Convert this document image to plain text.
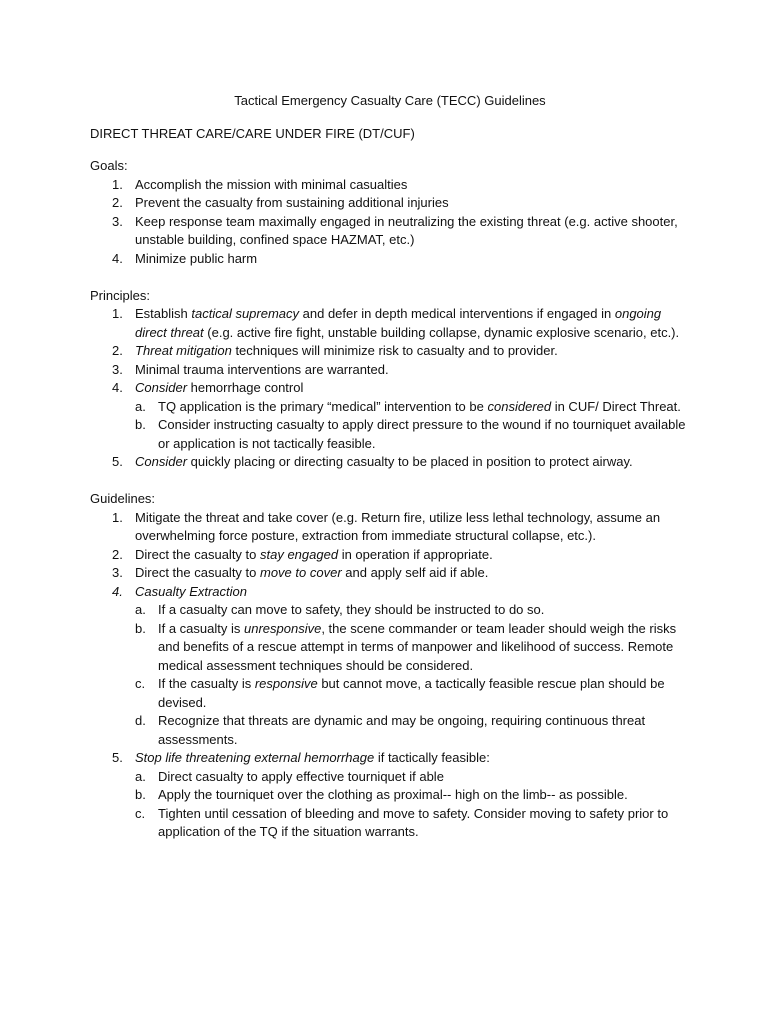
Tactical Emergency Casualty Care (TECC) Guidelines
DIRECT THREAT CARE/CARE UNDER FIRE (DT/CUF)
Goals:
1. Accomplish the mission with minimal casualties
2. Prevent the casualty from sustaining additional injuries
3. Keep response team maximally engaged in neutralizing the existing threat (e.g. active shooter, unstable building, confined space HAZMAT, etc.)
4. Minimize public harm
Principles:
1. Establish tactical supremacy and defer in depth medical interventions if engaged in ongoing direct threat (e.g. active fire fight, unstable building collapse, dynamic explosive scenario, etc.).
2. Threat mitigation techniques will minimize risk to casualty and to provider.
3. Minimal trauma interventions are warranted.
4. Consider hemorrhage control
a. TQ application is the primary “medical” intervention to be considered in CUF/ Direct Threat.
b. Consider instructing casualty to apply direct pressure to the wound if no tourniquet available or application is not tactically feasible.
5. Consider quickly placing or directing casualty to be placed in position to protect airway.
Guidelines:
1. Mitigate the threat and take cover (e.g. Return fire, utilize less lethal technology, assume an overwhelming force posture, extraction from immediate structural collapse, etc.).
2. Direct the casualty to stay engaged in operation if appropriate.
3. Direct the casualty to move to cover and apply self aid if able.
4. Casualty Extraction
a. If a casualty can move to safety, they should be instructed to do so.
b. If a casualty is unresponsive, the scene commander or team leader should weigh the risks and benefits of a rescue attempt in terms of manpower and likelihood of success. Remote medical assessment techniques should be considered.
c. If the casualty is responsive but cannot move, a tactically feasible rescue plan should be devised.
d. Recognize that threats are dynamic and may be ongoing, requiring continuous threat assessments.
5. Stop life threatening external hemorrhage if tactically feasible:
a. Direct casualty to apply effective tourniquet if able
b. Apply the tourniquet over the clothing as proximal-- high on the limb-- as possible.
c. Tighten until cessation of bleeding and move to safety. Consider moving to safety prior to application of the TQ if the situation warrants.
